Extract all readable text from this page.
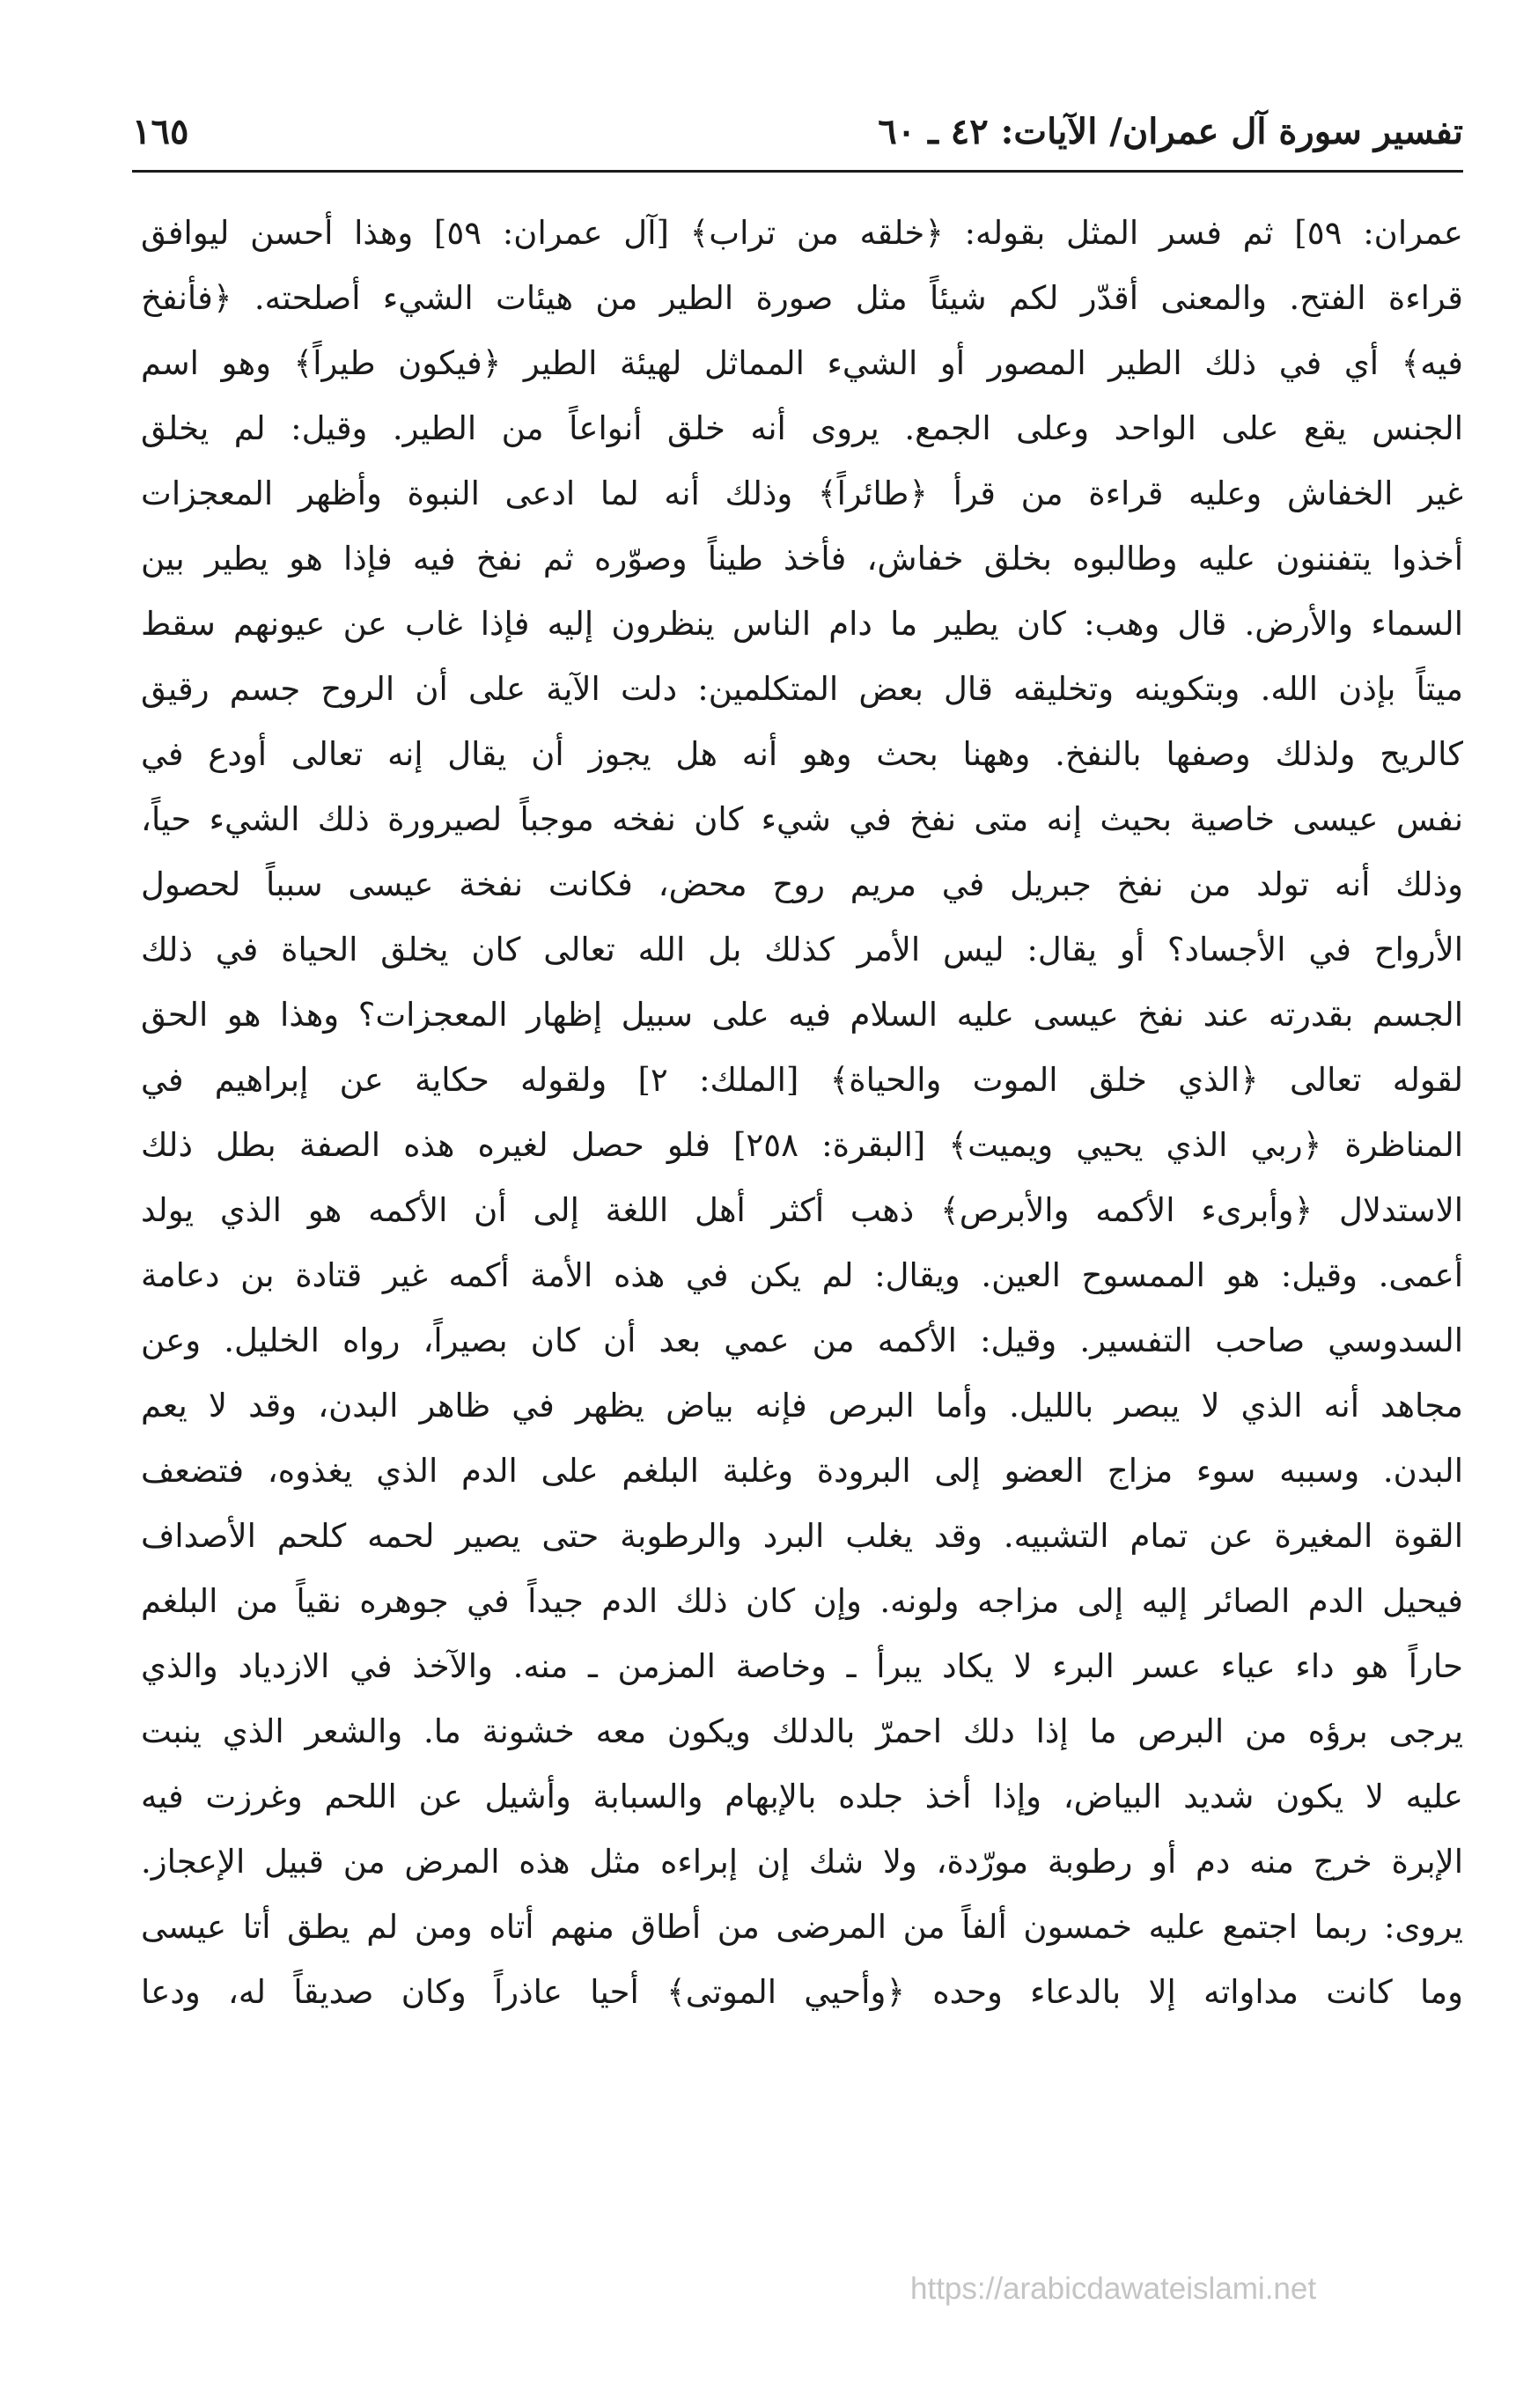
تفسير سورة آل عمران/ الآيات: ٤٢ ـ ٦٠
١٦٥
عمران: ٥٩] ثم فسر المثل بقوله: ﴿خلقه من تراب﴾ [آل عمران: ٥٩] وهذا أحسن ليوافق
قراءة الفتح. والمعنى أقدّر لكم شيئاً مثل صورة الطير من هيئات الشيء أصلحته. ﴿فأنفخ
فيه﴾ أي في ذلك الطير المصور أو الشيء المماثل لهيئة الطير ﴿فيكون طيراً﴾ وهو اسم
الجنس يقع على الواحد وعلى الجمع. يروى أنه خلق أنواعاً من الطير. وقيل: لم يخلق
غير الخفاش وعليه قراءة من قرأ ﴿طائراً﴾ وذلك أنه لما ادعى النبوة وأظهر المعجزات
أخذوا يتفننون عليه وطالبوه بخلق خفاش، فأخذ طيناً وصوّره ثم نفخ فيه فإذا هو يطير بين
السماء والأرض. قال وهب: كان يطير ما دام الناس ينظرون إليه فإذا غاب عن عيونهم سقط
ميتاً بإذن الله. وبتكوينه وتخليقه قال بعض المتكلمين: دلت الآية على أن الروح جسم رقيق
كالريح ولذلك وصفها بالنفخ. وههنا بحث وهو أنه هل يجوز أن يقال إنه تعالى أودع في
نفس عيسى خاصية بحيث إنه متى نفخ في شيء كان نفخه موجباً لصيرورة ذلك الشيء حياً،
وذلك أنه تولد من نفخ جبريل في مريم روح محض، فكانت نفخة عيسى سبباً لحصول
الأرواح في الأجساد؟ أو يقال: ليس الأمر كذلك بل الله تعالى كان يخلق الحياة في ذلك
الجسم بقدرته عند نفخ عيسى عليه السلام فيه على سبيل إظهار المعجزات؟ وهذا هو الحق
لقوله تعالى ﴿الذي خلق الموت والحياة﴾ [الملك: ٢] ولقوله حكاية عن إبراهيم في
المناظرة ﴿ربي الذي يحيي ويميت﴾ [البقرة: ٢٥٨] فلو حصل لغيره هذه الصفة بطل ذلك
الاستدلال ﴿وأبرىء الأكمه والأبرص﴾ ذهب أكثر أهل اللغة إلى أن الأكمه هو الذي يولد
أعمى. وقيل: هو الممسوح العين. ويقال: لم يكن في هذه الأمة أكمه غير قتادة بن دعامة
السدوسي صاحب التفسير. وقيل: الأكمه من عمي بعد أن كان بصيراً، رواه الخليل. وعن
مجاهد أنه الذي لا يبصر بالليل. وأما البرص فإنه بياض يظهر في ظاهر البدن، وقد لا يعم
البدن. وسببه سوء مزاج العضو إلى البرودة وغلبة البلغم على الدم الذي يغذوه، فتضعف
القوة المغيرة عن تمام التشبيه. وقد يغلب البرد والرطوبة حتى يصير لحمه كلحم الأصداف
فيحيل الدم الصائر إليه إلى مزاجه ولونه. وإن كان ذلك الدم جيداً في جوهره نقياً من البلغم
حاراً هو داء عياء عسر البرء لا يكاد يبرأ ـ وخاصة المزمن ـ منه. والآخذ في الازدياد والذي
يرجى برؤه من البرص ما إذا دلك احمرّ بالدلك ويكون معه خشونة ما. والشعر الذي ينبت
عليه لا يكون شديد البياض، وإذا أخذ جلده بالإبهام والسبابة وأشيل عن اللحم وغرزت فيه
الإبرة خرج منه دم أو رطوبة مورّدة، ولا شك إن إبراءه مثل هذه المرض من قبيل الإعجاز.
يروى: ربما اجتمع عليه خمسون ألفاً من المرضى من أطاق منهم أتاه ومن لم يطق أتا عيسى
وما كانت مداواته إلا بالدعاء وحده ﴿وأحيي الموتى﴾ أحيا عاذراً وكان صديقاً له، ودعا
https://arabicdawateislami.net
